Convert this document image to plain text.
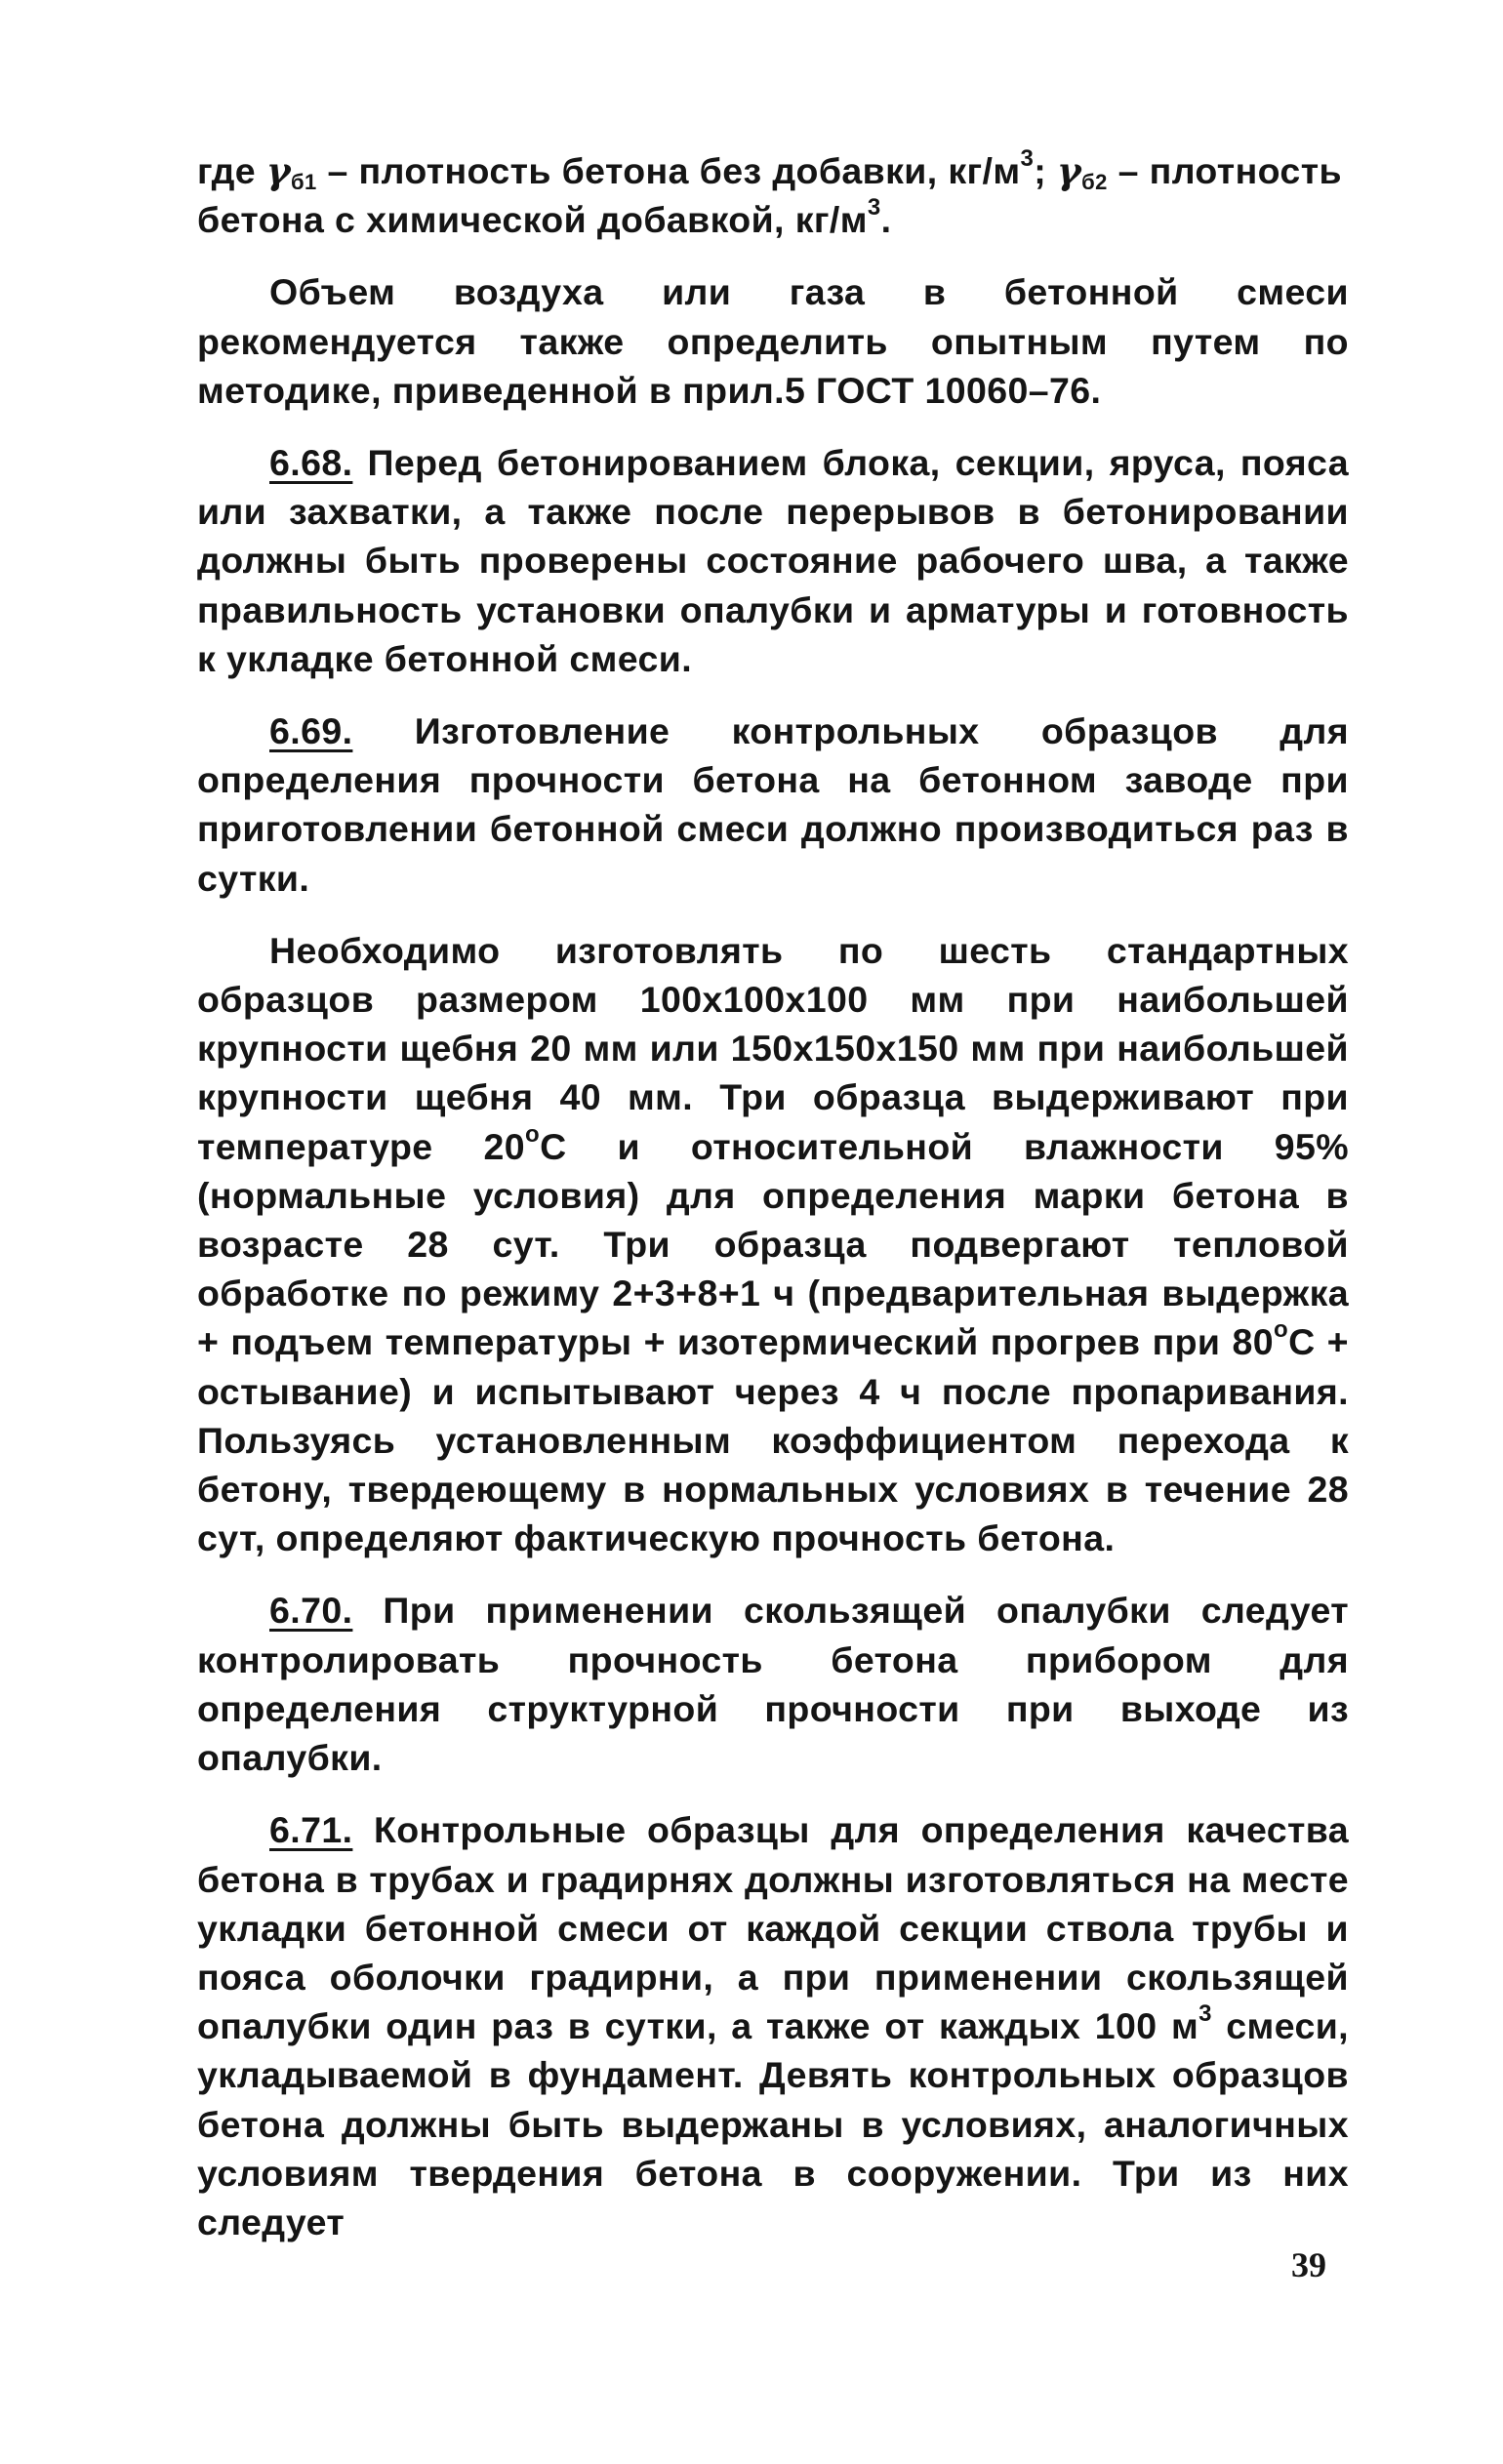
где $\gamma_{б1}$ – плотность бетона без добавки, $кг/м^3$; $\gamma_{б2}$ – плотность бетона с химической добавкой, $кг/м^3$.

Объем воздуха или газа в бетонной смеси рекомендуется также определить опытным путем по методике, приведенной в прил.5 ГОСТ 10060–76.

6.68. Перед бетонированием блока, секции, яруса, пояса или захватки, а также после перерывов в бетонировании должны быть проверены состояние рабочего шва, а также правильность установки опалубки и арматуры и готовность к укладке бетонной смеси.

6.69. Изготовление контрольных образцов для определения прочности бетона на бетонном заводе при приготовлении бетонной смеси должно производиться раз в сутки.

Необходимо изготовлять по шесть стандартных образцов размером 100х100х100 мм при наибольшей крупности щебня 20 мм или 150х150х150 мм при наибольшей крупности щебня 40 мм. Три образца выдерживают при температуре $20^оС$ и относительной влажности 95% (нормальные условия) для определения марки бетона в возрасте 28 сут. Три образца подвергают тепловой обработке по режиму 2+3+8+1 ч (предварительная выдержка + подъем температуры + изотермический прогрев при $80^оС$ + остывание) и испытывают через 4 ч после пропаривания. Пользуясь установленным коэффициентом перехода к бетону, твердеющему в нормальных условиях в течение 28 сут, определяют фактическую прочность бетона.

6.70. При применении скользящей опалубки следует контролировать прочность бетона прибором для определения структурной прочности при выходе из опалубки.

6.71. Контрольные образцы для определения качества бетона в трубах и градирнях должны изготовляться на месте укладки бетонной смеси от каждой секции ствола трубы и пояса оболочки градирни, а при применении скользящей опалубки один раз в сутки, а также от каждых 100 $м^3$ смеси, укладываемой в фундамент. Девять контрольных образцов бетона должны быть выдержаны в условиях, аналогичных условиям твердения бетона в сооружении. Три из них следует

39
